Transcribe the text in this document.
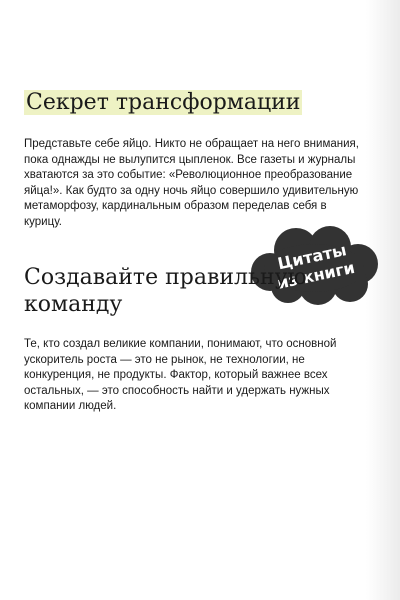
Секрет трансформации

Представьте себе яйцо. Никто не обращает на него внимания, пока однажды не вылупится цыпленок. Все газеты и журналы хватаются за это событие: «Революционное преобразование яйца!». Как будто за одну ночь яйцо совершило удивительную метаморфозу, кардинальным образом переделав себя в курицу.

Цитаты
из книги
Создавайте правильную команду

Те, кто создал великие компании, понимают, что основной ускоритель роста — это не рынок, не технологии, не конкуренция, не продукты. Фактор, который важнее всех остальных, — это способность найти и удержать нужных компании людей.
